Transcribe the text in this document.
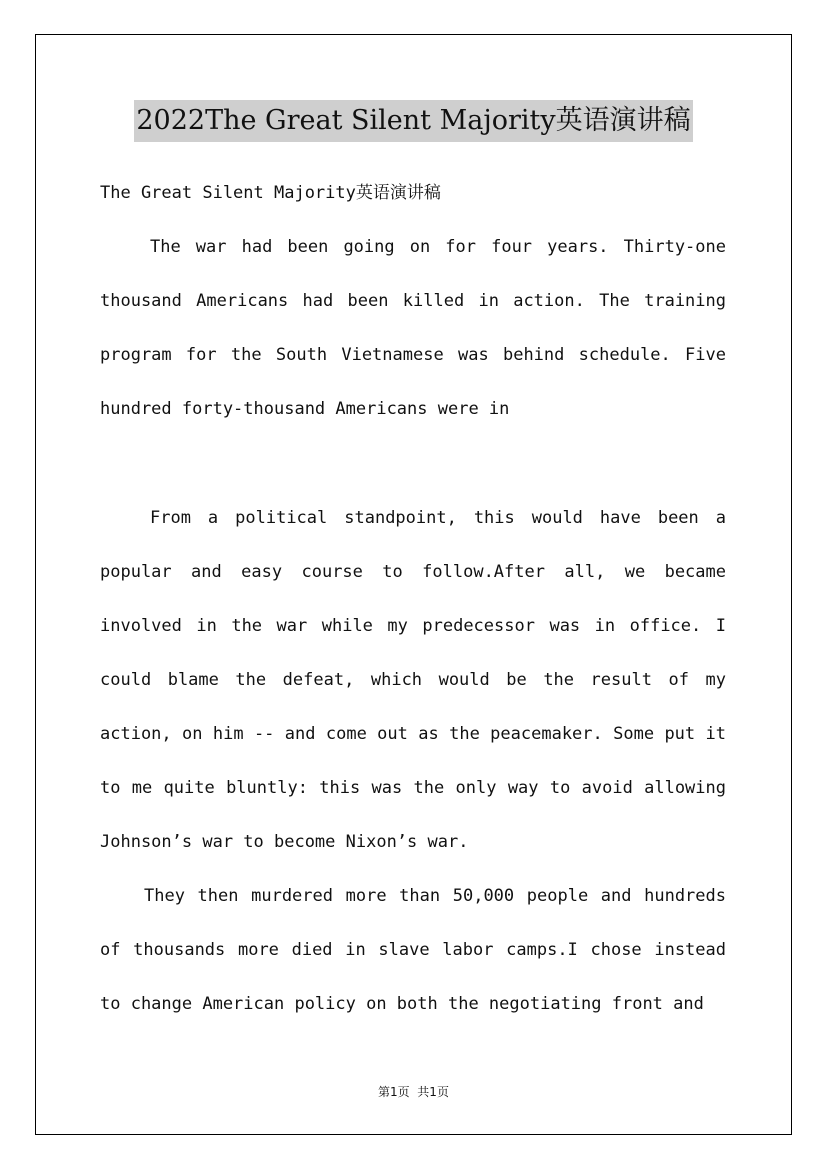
2022The Great Silent Majority英语演讲稿

The Great Silent Majority英语演讲稿

The war had been going on for four years. Thirty-one thousand Americans had been killed in action. The training program for the South Vietnamese was behind schedule. Five hundred forty-thousand Americans were in

From a political standpoint, this would have been a popular and easy course to follow.After all, we became involved in the war while my predecessor was in office. I could blame the defeat, which would be the result of my action, on him -- and come out as the peacemaker. Some put it to me quite bluntly: this was the only way to avoid allowing Johnson’s war to become Nixon’s war.

They then murdered more than 50,000 people and hundreds of thousands more died in slave labor camps.I chose instead to change American policy on both the negotiating front and

第1页  共1页
